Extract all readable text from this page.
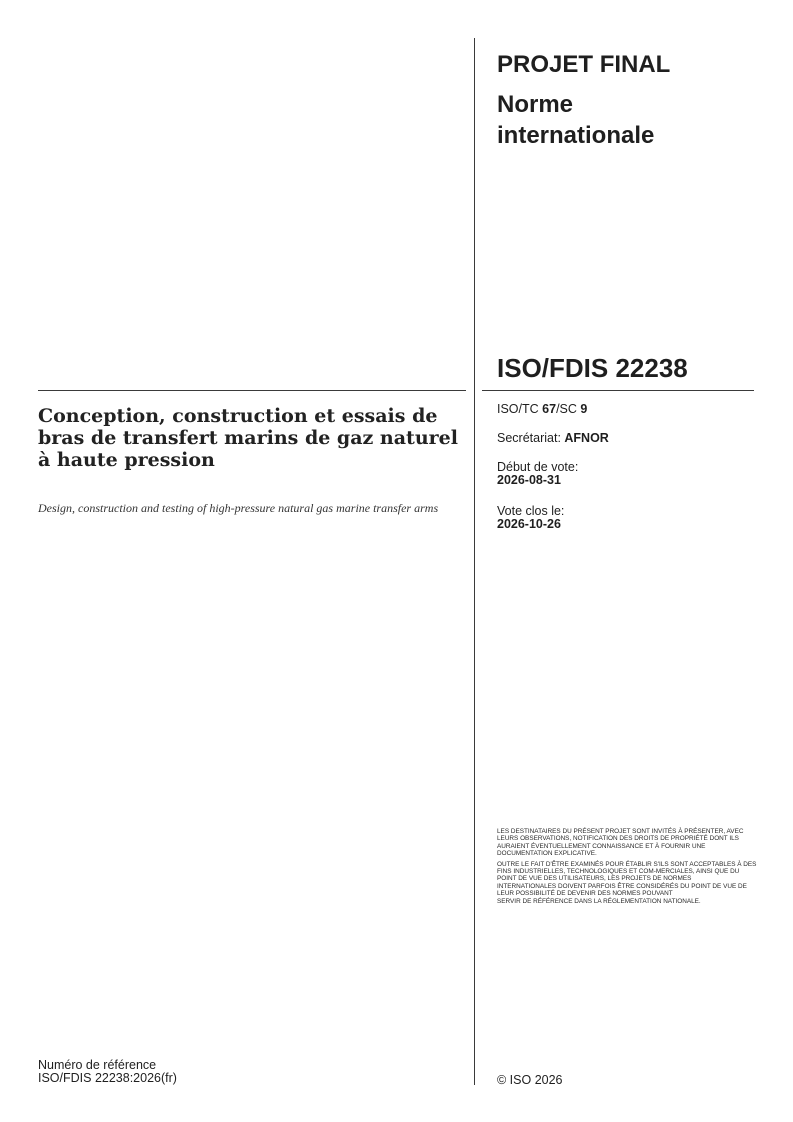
PROJET FINAL
Norme internationale
ISO/FDIS 22238
Conception, construction et essais de bras de transfert marins de gaz naturel à haute pression
Design, construction and testing of high-pressure natural gas marine transfer arms
ISO/TC 67/SC 9
Secrétariat: AFNOR
Début de vote:
2026-08-31
Vote clos le:
2026-10-26

LES DESTINATAIRES DU PRÉSENT PROJET SONT INVITÉS À PRÉSENTER, AVEC LEURS OBSERVATIONS, NOTIFICATION DES DROITS DE PROPRIÉTÉ DONT ILS AURAIENT ÉVENTUELLEMENT CONNAISSANCE ET À FOURNIR UNE DOCUMENTATION EXPLICATIVE.

OUTRE LE FAIT D'ÊTRE EXAMINÉS POUR ÉTABLIR S'ILS SONT ACCEPTABLES À DES FINS INDUSTRIELLES, TECHNOLOGIQUES ET COM-MERCIALES, AINSI QUE DU POINT DE VUE DES UTILISATEURS, LES PROJETS DE NORMES
INTERNATIONALES DOIVENT PARFOIS ÊTRE CONSIDÉRÉS DU POINT DE VUE DE LEUR POSSIBILITÉ DE DEVENIR DES NORMES POUVANT
SERVIR DE RÉFÉRENCE DANS LA RÉGLEMENTATION NATIONALE.

Numéro de référence
ISO/FDIS 22238:2026(fr)	© ISO 2026
